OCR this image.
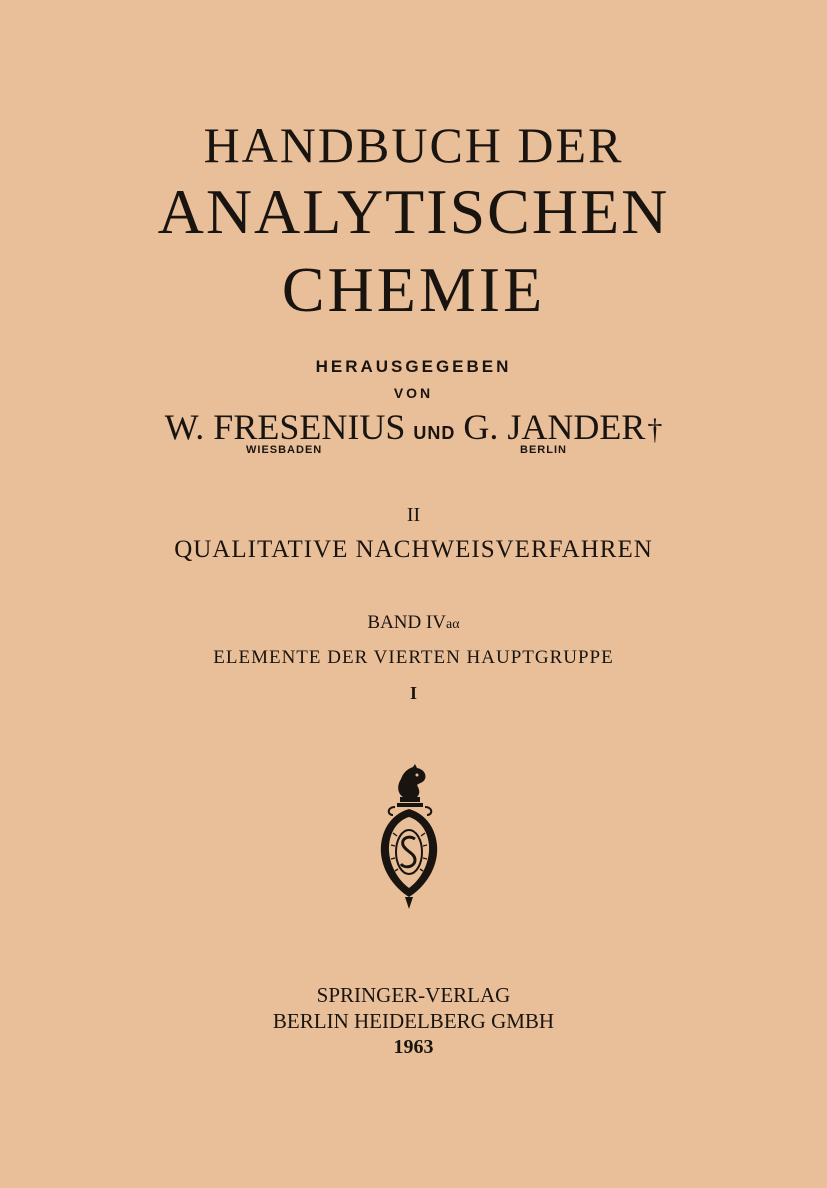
HANDBUCH DER
ANALYTISCHEN
CHEMIE
HERAUSGEGEBEN
VON
W. FRESENIUS UND G. JANDER†
WIESBADEN	BERLIN
II
QUALITATIVE NACHWEISVERFAHREN
BAND IVaα
ELEMENTE DER VIERTEN HAUPTGRUPPE
I
SPRINGER-VERLAG
BERLIN HEIDELBERG GMBH
1963
